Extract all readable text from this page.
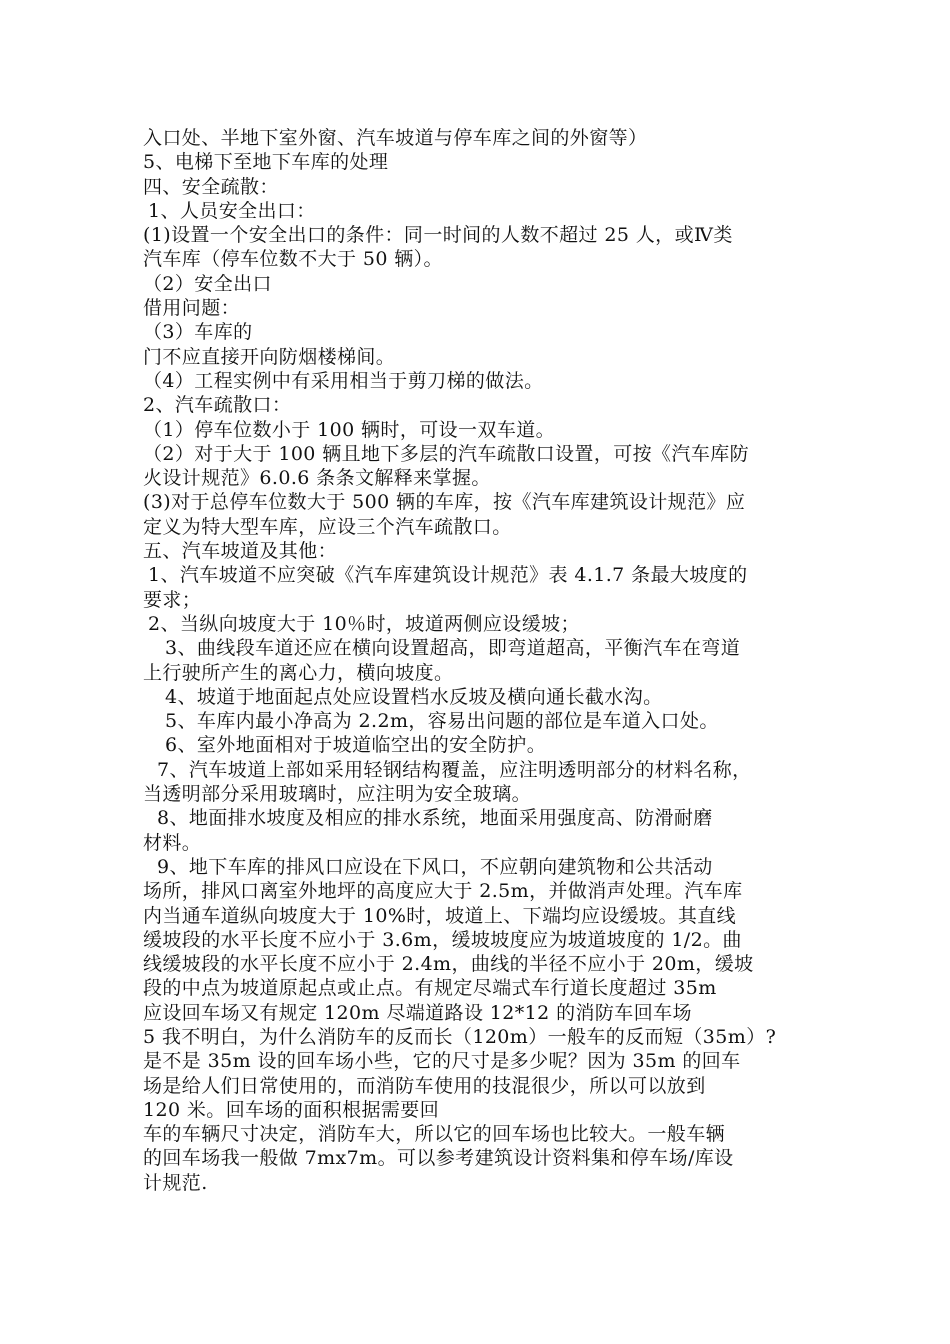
入口处、半地下室外窗、汽车坡道与停车库之间的外窗等）
5、电梯下至地下车库的处理
四、安全疏散：
1、人员安全出口：
(1)设置一个安全出口的条件：同一时间的人数不超过 25 人，或Ⅳ类
汽车库（停车位数不大于 50 辆）。
（2）安全出口
借用问题：
（3）车库的
门不应直接开向防烟楼梯间。
（4）工程实例中有采用相当于剪刀梯的做法。
2、汽车疏散口：
（1）停车位数小于 100 辆时，可设一双车道。
（2）对于大于 100 辆且地下多层的汽车疏散口设置，可按《汽车库防
火设计规范》6.0.6 条条文解释来掌握。
(3)对于总停车位数大于 500 辆的车库，按《汽车库建筑设计规范》应
定义为特大型车库，应设三个汽车疏散口。
五、汽车坡道及其他：
1、汽车坡道不应突破《汽车库建筑设计规范》表 4.1.7 条最大坡度的
要求；
2、当纵向坡度大于 10％时，坡道两侧应设缓坡；
3、曲线段车道还应在横向设置超高，即弯道超高，平衡汽车在弯道
上行驶所产生的离心力，横向坡度。
4、坡道于地面起点处应设置档水反坡及横向通长截水沟。
5、车库内最小净高为 2.2m，容易出问题的部位是车道入口处。
6、室外地面相对于坡道临空出的安全防护。
7、汽车坡道上部如采用轻钢结构覆盖，应注明透明部分的材料名称，
当透明部分采用玻璃时，应注明为安全玻璃。
8、地面排水坡度及相应的排水系统，地面采用强度高、防滑耐磨
材料。
9、地下车库的排风口应设在下风口，不应朝向建筑物和公共活动
场所，排风口离室外地坪的高度应大于 2.5m，并做消声处理。汽车库
内当通车道纵向坡度大于 10%时，坡道上、下端均应设缓坡。其直线
缓坡段的水平长度不应小于 3.6m，缓坡坡度应为坡道坡度的 1/2。曲
线缓坡段的水平长度不应小于 2.4m，曲线的半径不应小于 20m，缓坡
段的中点为坡道原起点或止点。有规定尽端式车行道长度超过 35m
应设回车场又有规定 120m 尽端道路设 12*12 的消防车回车场
5 我不明白，为什么消防车的反而长（120m）一般车的反而短（35m）?
是不是 35m 设的回车场小些，它的尺寸是多少呢？因为 35m 的回车
场是给人们日常使用的，而消防车使用的技混很少，所以可以放到
120 米。回车场的面积根据需要回
车的车辆尺寸决定，消防车大，所以它的回车场也比较大。一般车辆
的回车场我一般做 7mx7m。可以参考建筑设计资料集和停车场/库设
计规范.
